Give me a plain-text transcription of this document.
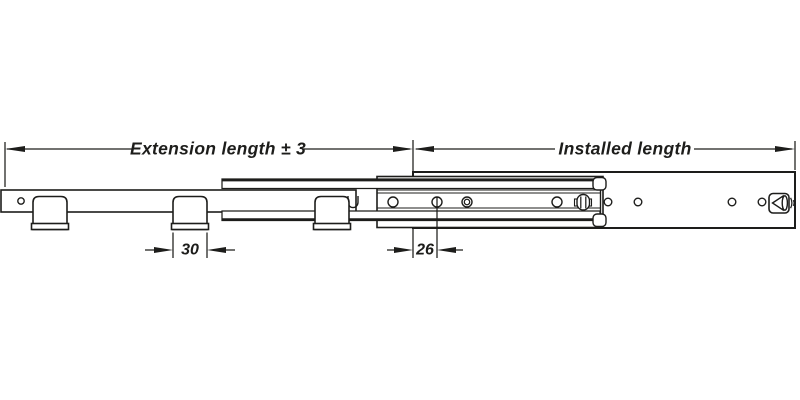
Extension length ± 3	Installed length
30	26
